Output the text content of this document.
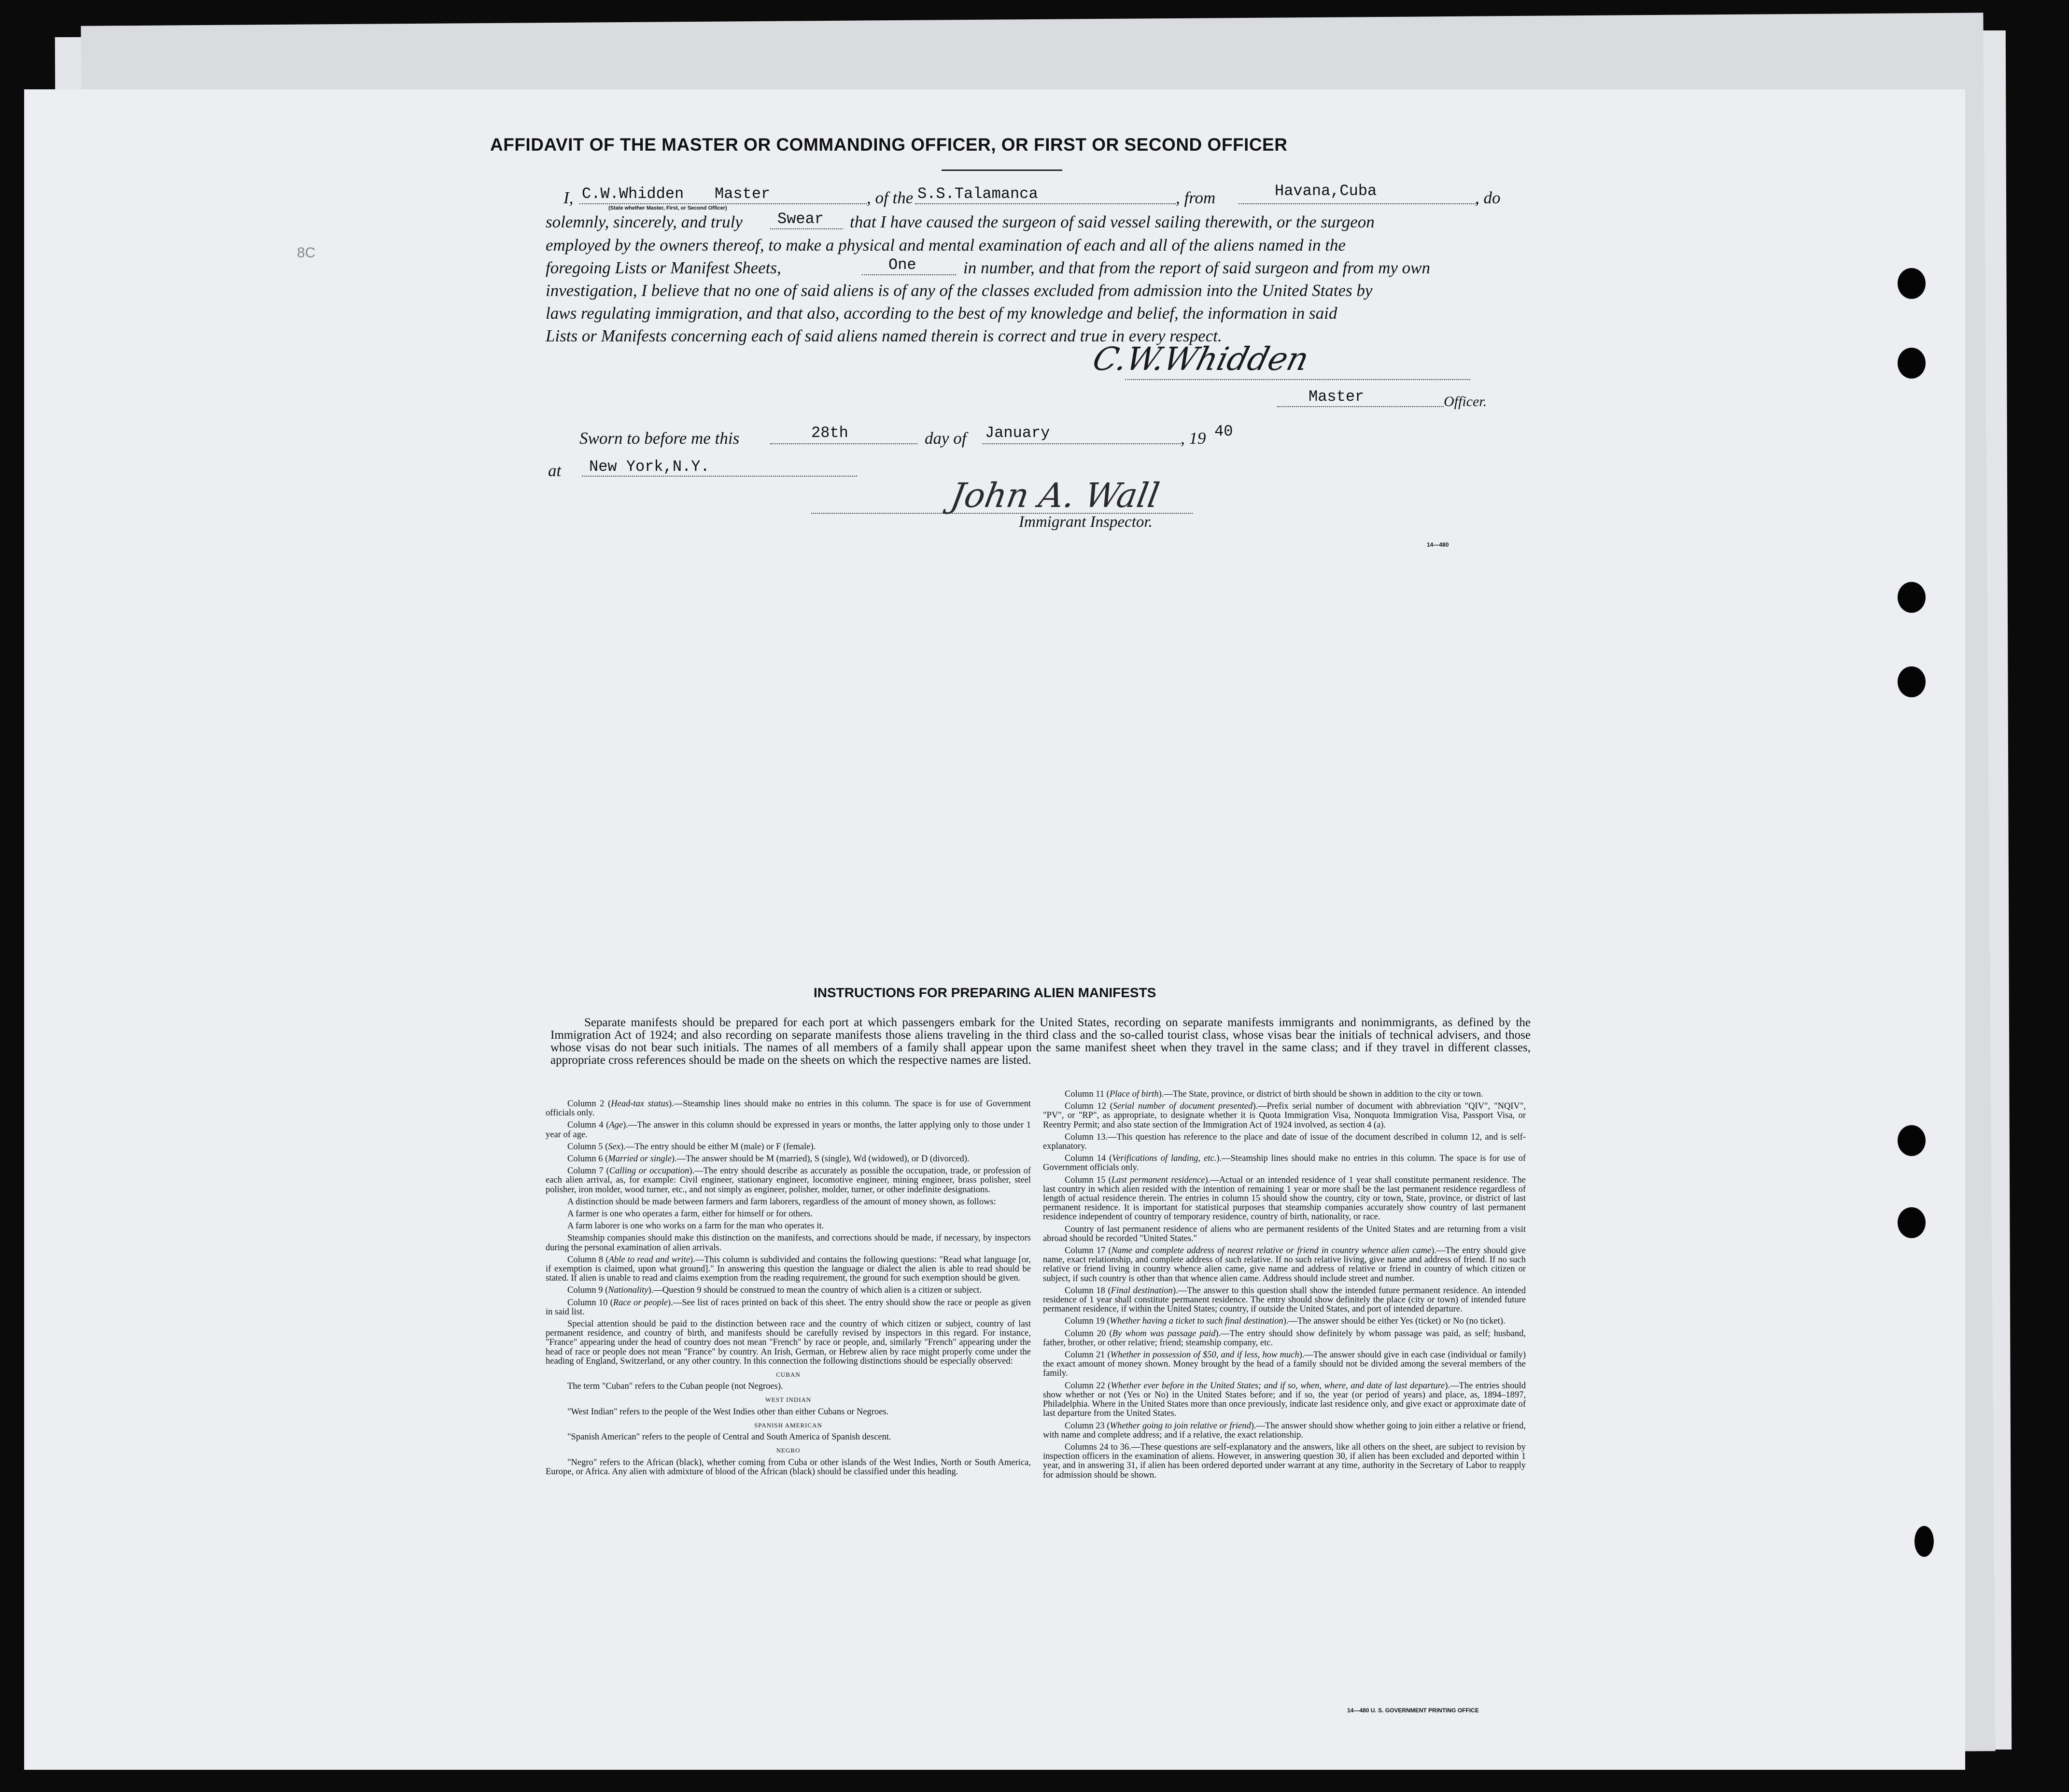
8C
AFFIDAVIT OF THE MASTER OR COMMANDING OFFICER, OR FIRST OR SECOND OFFICER
I, C.W.Whidden Master
(State whether Master, First, or Second Officer)
, of the S.S.Talamanca	, from	Havana,Cuba	, do
solemnly, sincerely, and truly Swear that I have caused the surgeon of said vessel sailing therewith, or the surgeon
employed by the owners thereof, to make a physical and mental examination of each and all of the aliens named in the
foregoing Lists or Manifest Sheets,	One	in number, and that from the report of said surgeon and from my own
investigation, I believe that no one of said aliens is of any of the classes excluded from admission into the United States by
laws regulating immigration, and that also, according to the best of my knowledge and belief, the information in said
Lists or Manifests concerning each of said aliens named therein is correct and true in every respect.
C.W.Whidden
Master	Officer.
Sworn to before me this	28th	day of January	, 19 40
at New York,N.Y.
John A. Wall
Immigrant Inspector.
14—480
INSTRUCTIONS FOR PREPARING ALIEN MANIFESTS

Separate manifests should be prepared for each port at which passengers embark for the United States, recording on separate manifests immigrants and nonimmigrants, as defined by the Immigration Act of 1924; and also recording on separate manifests those aliens traveling in the third class and the so-called tourist class, whose visas bear the initials of technical advisers, and those whose visas do not bear such initials. The names of all members of a family shall appear upon the same manifest sheet when they travel in the same class; and if they travel in different classes, appropriate cross references should be made on the sheets on which the respective names are listed.

Column 2 (Head-tax status).—Steamship lines should make no entries in this column. The space is for use of Government officials only.

Column 4 (Age).—The answer in this column should be expressed in years or months, the latter applying only to those under 1 year of age.

Column 5 (Sex).—The entry should be either M (male) or F (female).

Column 6 (Married or single).—The answer should be M (married), S (single), Wd (widowed), or D (divorced).

Column 7 (Calling or occupation).—The entry should describe as accurately as possible the occupation, trade, or profession of each alien arrival, as, for example: Civil engineer, stationary engineer, locomotive engineer, mining engineer, brass polisher, steel polisher, iron molder, wood turner, etc., and not simply as engineer, polisher, molder, turner, or other indefinite designations.

A distinction should be made between farmers and farm laborers, regardless of the amount of money shown, as follows:

A farmer is one who operates a farm, either for himself or for others.

A farm laborer is one who works on a farm for the man who operates it.

Steamship companies should make this distinction on the manifests, and corrections should be made, if necessary, by inspectors during the personal examination of alien arrivals.

Column 8 (Able to read and write).—This column is subdivided and contains the following questions: "Read what language [or, if exemption is claimed, upon what ground]." In answering this question the language or dialect the alien is able to read should be stated. If alien is unable to read and claims exemption from the reading requirement, the ground for such exemption should be given.

Column 9 (Nationality).—Question 9 should be construed to mean the country of which alien is a citizen or subject.

Column 10 (Race or people).—See list of races printed on back of this sheet. The entry should show the race or people as given in said list.

Special attention should be paid to the distinction between race and the country of which citizen or subject, country of last permanent residence, and country of birth, and manifests should be carefully revised by inspectors in this regard. For instance, "France" appearing under the head of country does not mean "French" by race or people, and, similarly "French" appearing under the head of race or people does not mean "France" by country. An Irish, German, or Hebrew alien by race might properly come under the heading of England, Switzerland, or any other country. In this connection the following distinctions should be especially observed:

CUBAN

The term "Cuban" refers to the Cuban people (not Negroes).

WEST INDIAN

"West Indian" refers to the people of the West Indies other than either Cubans or Negroes.

SPANISH AMERICAN

"Spanish American" refers to the people of Central and South America of Spanish descent.

NEGRO

"Negro" refers to the African (black), whether coming from Cuba or other islands of the West Indies, North or South America, Europe, or Africa. Any alien with admixture of blood of the African (black) should be classified under this heading.

Column 11 (Place of birth).—The State, province, or district of birth should be shown in addition to the city or town.

Column 12 (Serial number of document presented).—Prefix serial number of document with abbreviation "QIV", "NQIV", "PV", or "RP", as appropriate, to designate whether it is Quota Immigration Visa, Nonquota Immigration Visa, Passport Visa, or Reentry Permit; and also state section of the Immigration Act of 1924 involved, as section 4 (a).

Column 13.—This question has reference to the place and date of issue of the document described in column 12, and is self-explanatory.

Column 14 (Verifications of landing, etc.).—Steamship lines should make no entries in this column. The space is for use of Government officials only.

Column 15 (Last permanent residence).—Actual or an intended residence of 1 year shall constitute permanent residence. The last country in which alien resided with the intention of remaining 1 year or more shall be the last permanent residence regardless of length of actual residence therein. The entries in column 15 should show the country, city or town, State, province, or district of last permanent residence. It is important for statistical purposes that steamship companies accurately show country of last permanent residence independent of country of temporary residence, country of birth, nationality, or race.

Country of last permanent residence of aliens who are permanent residents of the United States and are returning from a visit abroad should be recorded "United States."

Column 17 (Name and complete address of nearest relative or friend in country whence alien came).—The entry should give name, exact relationship, and complete address of such relative. If no such relative living, give name and address of friend. If no such relative or friend living in country whence alien came, give name and address of relative or friend in country of which citizen or subject, if such country is other than that whence alien came. Address should include street and number.

Column 18 (Final destination).—The answer to this question shall show the intended future permanent residence. An intended residence of 1 year shall constitute permanent residence. The entry should show definitely the place (city or town) of intended future permanent residence, if within the United States; country, if outside the United States, and port of intended departure.

Column 19 (Whether having a ticket to such final destination).—The answer should be either Yes (ticket) or No (no ticket).

Column 20 (By whom was passage paid).—The entry should show definitely by whom passage was paid, as self; husband, father, brother, or other relative; friend; steamship company, etc.

Column 21 (Whether in possession of $50, and if less, how much).—The answer should give in each case (individual or family) the exact amount of money shown. Money brought by the head of a family should not be divided among the several members of the family.

Column 22 (Whether ever before in the United States; and if so, when, where, and date of last departure).—The entries should show whether or not (Yes or No) in the United States before; and if so, the year (or period of years) and place, as, 1894–1897, Philadelphia. Where in the United States more than once previously, indicate last residence only, and give exact or approximate date of last departure from the United States.

Column 23 (Whether going to join relative or friend).—The answer should show whether going to join either a relative or friend, with name and complete address; and if a relative, the exact relationship.

Columns 24 to 36.—These questions are self-explanatory and the answers, like all others on the sheet, are subject to revision by inspection officers in the examination of aliens. However, in answering question 30, if alien has been excluded and deported within 1 year, and in answering 31, if alien has been ordered deported under warrant at any time, authority in the Secretary of Labor to reapply for admission should be shown.

14—480 U. S. GOVERNMENT PRINTING OFFICE
